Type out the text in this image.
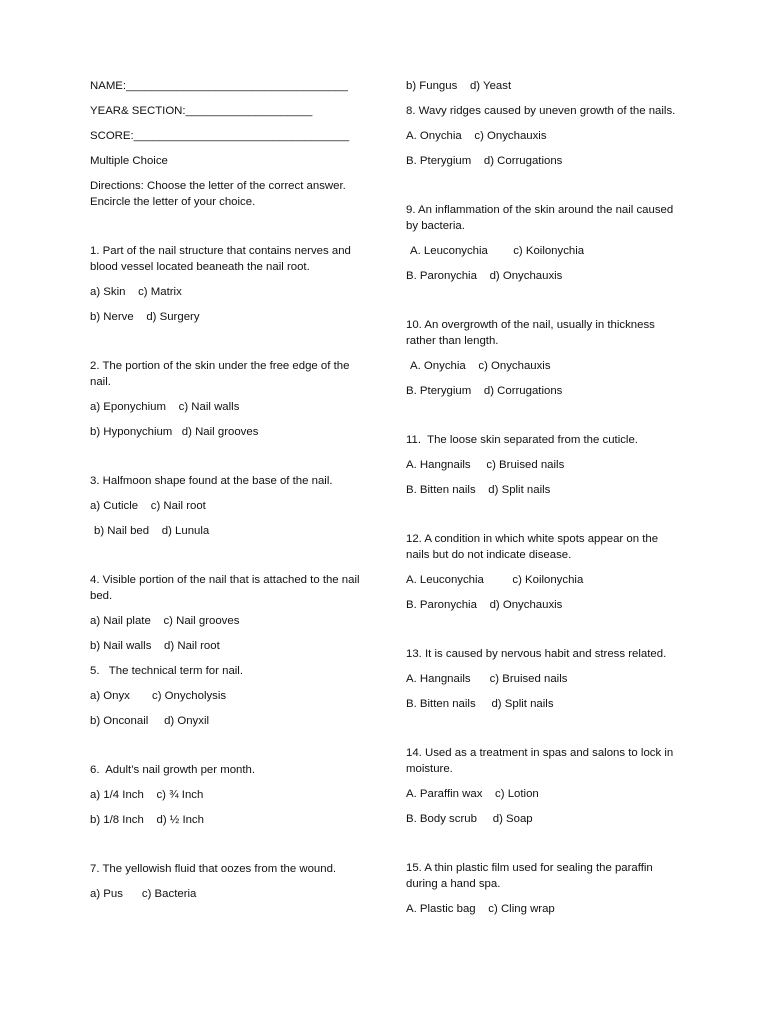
NAME:___________________________________
YEAR& SECTION:____________________
SCORE:__________________________________
Multiple Choice
Directions: Choose the letter of the correct answer. Encircle the letter of your choice.
1. Part of the nail structure that contains nerves and blood vessel located beaneath the nail root.
a) Skin    c) Matrix
b) Nerve    d) Surgery
2. The portion of the skin under the free edge of the nail.
a) Eponychium    c) Nail walls
b) Hyponychium   d) Nail grooves
3. Halfmoon shape found at the base of the nail.
a) Cuticle    c) Nail root
b) Nail bed    d) Lunula
4. Visible portion of the nail that is attached to the nail bed.
a) Nail plate    c) Nail grooves
b) Nail walls    d) Nail root
5.   The technical term for nail.
a) Onyx       c) Onycholysis
b) Onconail     d) Onyxil
6.  Adult’s nail growth per month.
a) 1/4 Inch    c) ¾ Inch
b) 1/8 Inch    d) ½ Inch
7. The yellowish fluid that oozes from the wound.
a) Pus      c) Bacteria
b) Fungus    d) Yeast
8. Wavy ridges caused by uneven growth of the nails.
A. Onychia    c) Onychauxis
B. Pterygium    d) Corrugations
9. An inflammation of the skin around the nail caused by bacteria.
A. Leuconychia        c) Koilonychia
B. Paronychia    d) Onychauxis
10. An overgrowth of the nail, usually in thickness rather than length.
A. Onychia    c) Onychauxis
B. Pterygium    d) Corrugations
11.  The loose skin separated from the cuticle.
A. Hangnails     c) Bruised nails
B. Bitten nails    d) Split nails
12. A condition in which white spots appear on the nails but do not indicate disease.
A. Leuconychia         c) Koilonychia
B. Paronychia    d) Onychauxis
13. It is caused by nervous habit and stress related.
A. Hangnails      c) Bruised nails
B. Bitten nails     d) Split nails
14. Used as a treatment in spas and salons to lock in moisture.
A. Paraffin wax    c) Lotion
B. Body scrub     d) Soap
15. A thin plastic film used for sealing the paraffin during a hand spa.
A. Plastic bag    c) Cling wrap
